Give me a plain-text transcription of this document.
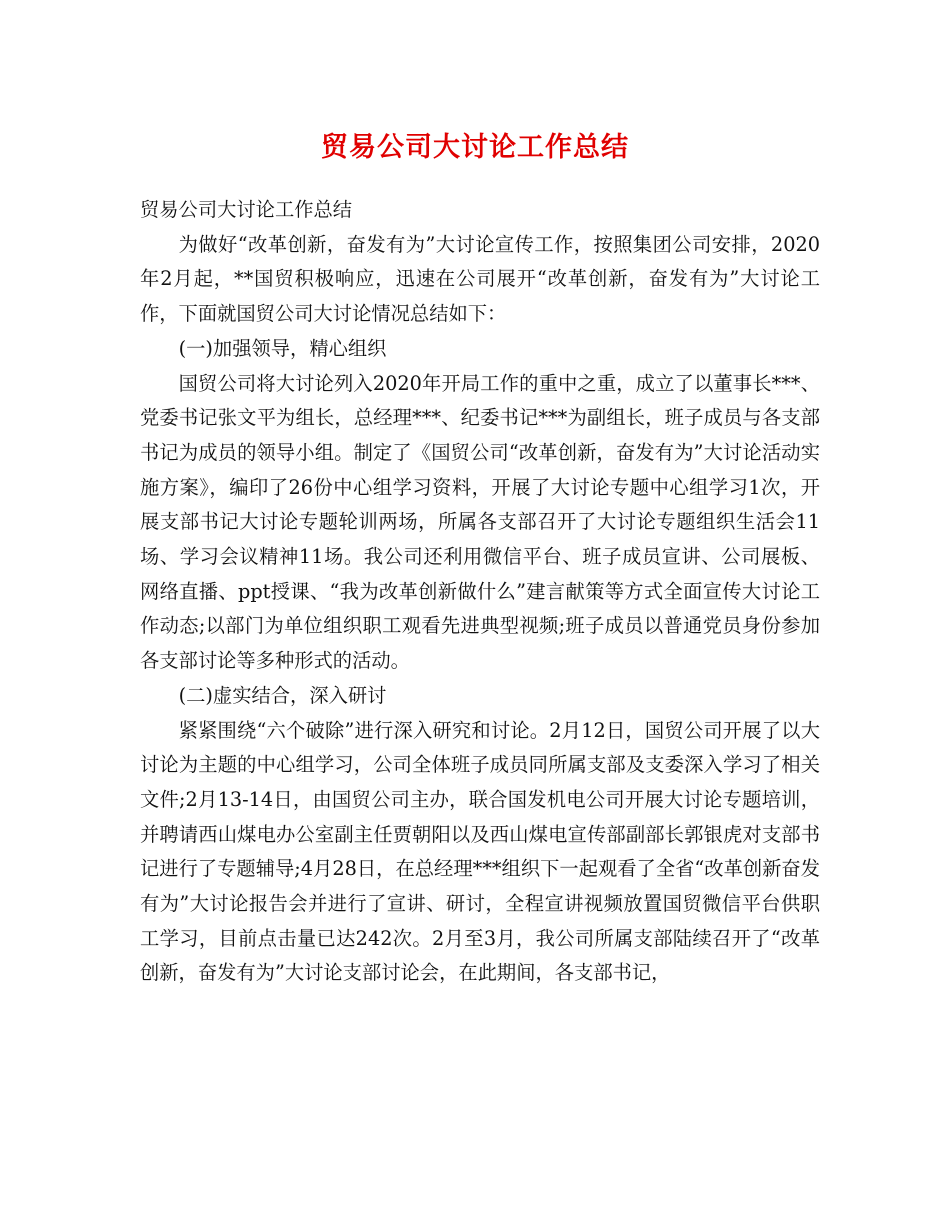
贸易公司大讨论工作总结

贸易公司大讨论工作总结

为做好“改革创新，奋发有为”大讨论宣传工作，按照集团公司安排，2020年2月起，**国贸积极响应，迅速在公司展开“改革创新，奋发有为”大讨论工作，下面就国贸公司大讨论情况总结如下：

(一)加强领导，精心组织

国贸公司将大讨论列入2020年开局工作的重中之重，成立了以董事长***、党委书记张文平为组长，总经理***、纪委书记***为副组长，班子成员与各支部书记为成员的领导小组。制定了《国贸公司“改革创新，奋发有为”大讨论活动实施方案》，编印了26份中心组学习资料，开展了大讨论专题中心组学习1次，开展支部书记大讨论专题轮训两场，所属各支部召开了大讨论专题组织生活会11场、学习会议精神11场。我公司还利用微信平台、班子成员宣讲、公司展板、网络直播、ppt授课、“我为改革创新做什么”建言献策等方式全面宣传大讨论工作动态;以部门为单位组织职工观看先进典型视频;班子成员以普通党员身份参加各支部讨论等多种形式的活动。

(二)虚实结合，深入研讨

紧紧围绕“六个破除”进行深入研究和讨论。2月12日，国贸公司开展了以大讨论为主题的中心组学习，公司全体班子成员同所属支部及支委深入学习了相关文件;2月13-14日，由国贸公司主办，联合国发机电公司开展大讨论专题培训，并聘请西山煤电办公室副主任贾朝阳以及西山煤电宣传部副部长郭银虎对支部书记进行了专题辅导;4月28日，在总经理***组织下一起观看了全省“改革创新奋发有为”大讨论报告会并进行了宣讲、研讨，全程宣讲视频放置国贸微信平台供职工学习，目前点击量已达242次。2月至3月，我公司所属支部陆续召开了“改革创新，奋发有为”大讨论支部讨论会，在此期间，各支部书记，
